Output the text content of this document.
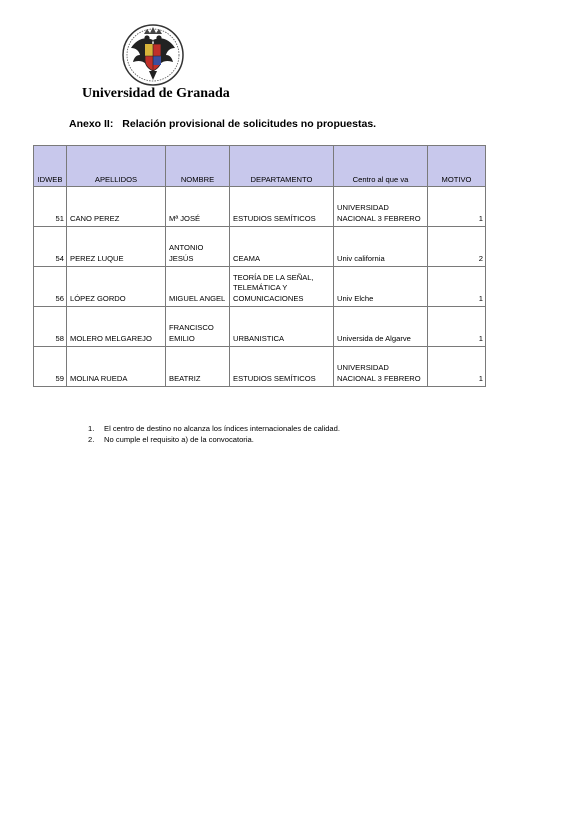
Universidad de Granada
Anexo II: Relación provisional de solicitudes no propuestas.
IDWEB	APELLIDOS	NOMBRE	DEPARTAMENTO	Centro al que va	MOTIVO
51	CANO PEREZ	Mª JOSÉ	ESTUDIOS SEMÍTICOS	UNIVERSIDAD NACIONAL 3 FEBRERO	1
54	PEREZ LUQUE	ANTONIO JESÚS	CEAMA	Univ california	2
56	LÓPEZ GORDO	MIGUEL ANGEL	TEORÍA DE LA SEÑAL, TELEMÁTICA Y COMUNICACIONES	Univ Elche	1
58	MOLERO MELGAREJO	FRANCISCO EMILIO	URBANISTICA	Universida de Algarve	1
59	MOLINA RUEDA	BEATRIZ	ESTUDIOS SEMÍTICOS	UNIVERSIDAD NACIONAL 3 FEBRERO	1
1.	El centro de destino no alcanza los índices internacionales de calidad.
2.	No cumple el requisito a) de la convocatoria.
